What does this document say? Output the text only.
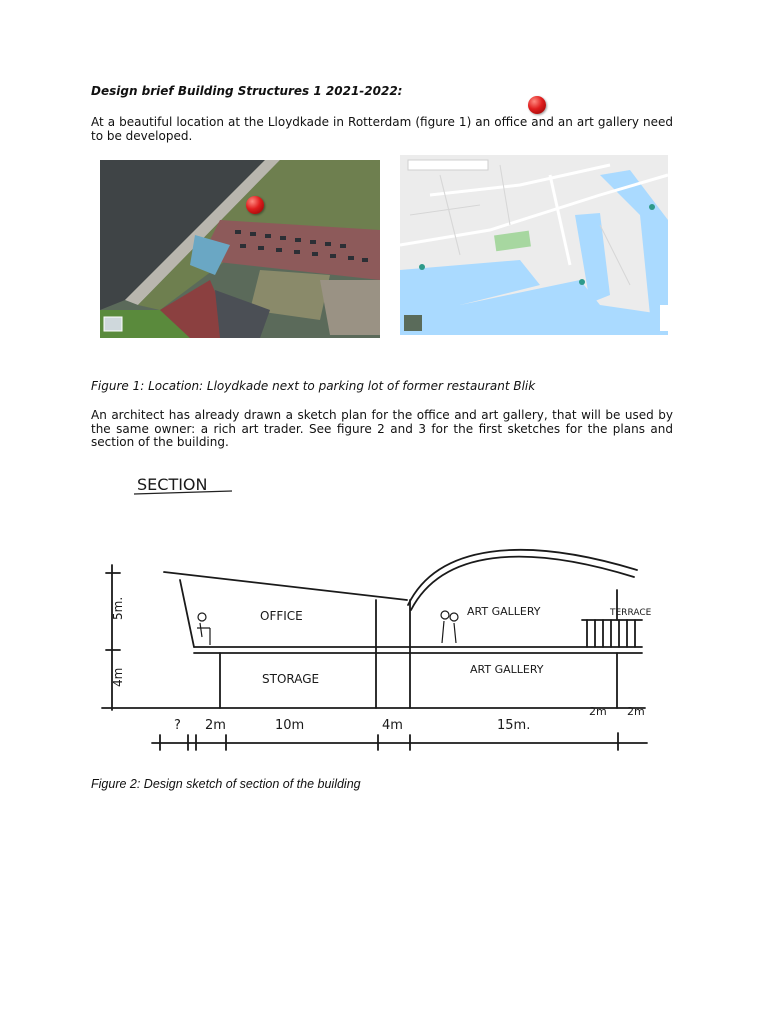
Design brief Building Structures 1 2021-2022:
At a beautiful location at the Lloydkade in Rotterdam (figure 1) an office and an art gallery need to be developed.
Figure 1: Location: Lloydkade next to parking lot of former restaurant Blik
An architect has already drawn a sketch plan for the office and art gallery, that will be used by the same owner: a rich art trader. See figure 2 and 3 for the first sketches for the plans and section of the building.
SECTION
OFFICE
STORAGE
ART GALLERY
ART GALLERY
TERRACE
5m.
4m
? 2m	10m	4m	15m.
2m 2m
Figure 2: Design sketch of section of the building
